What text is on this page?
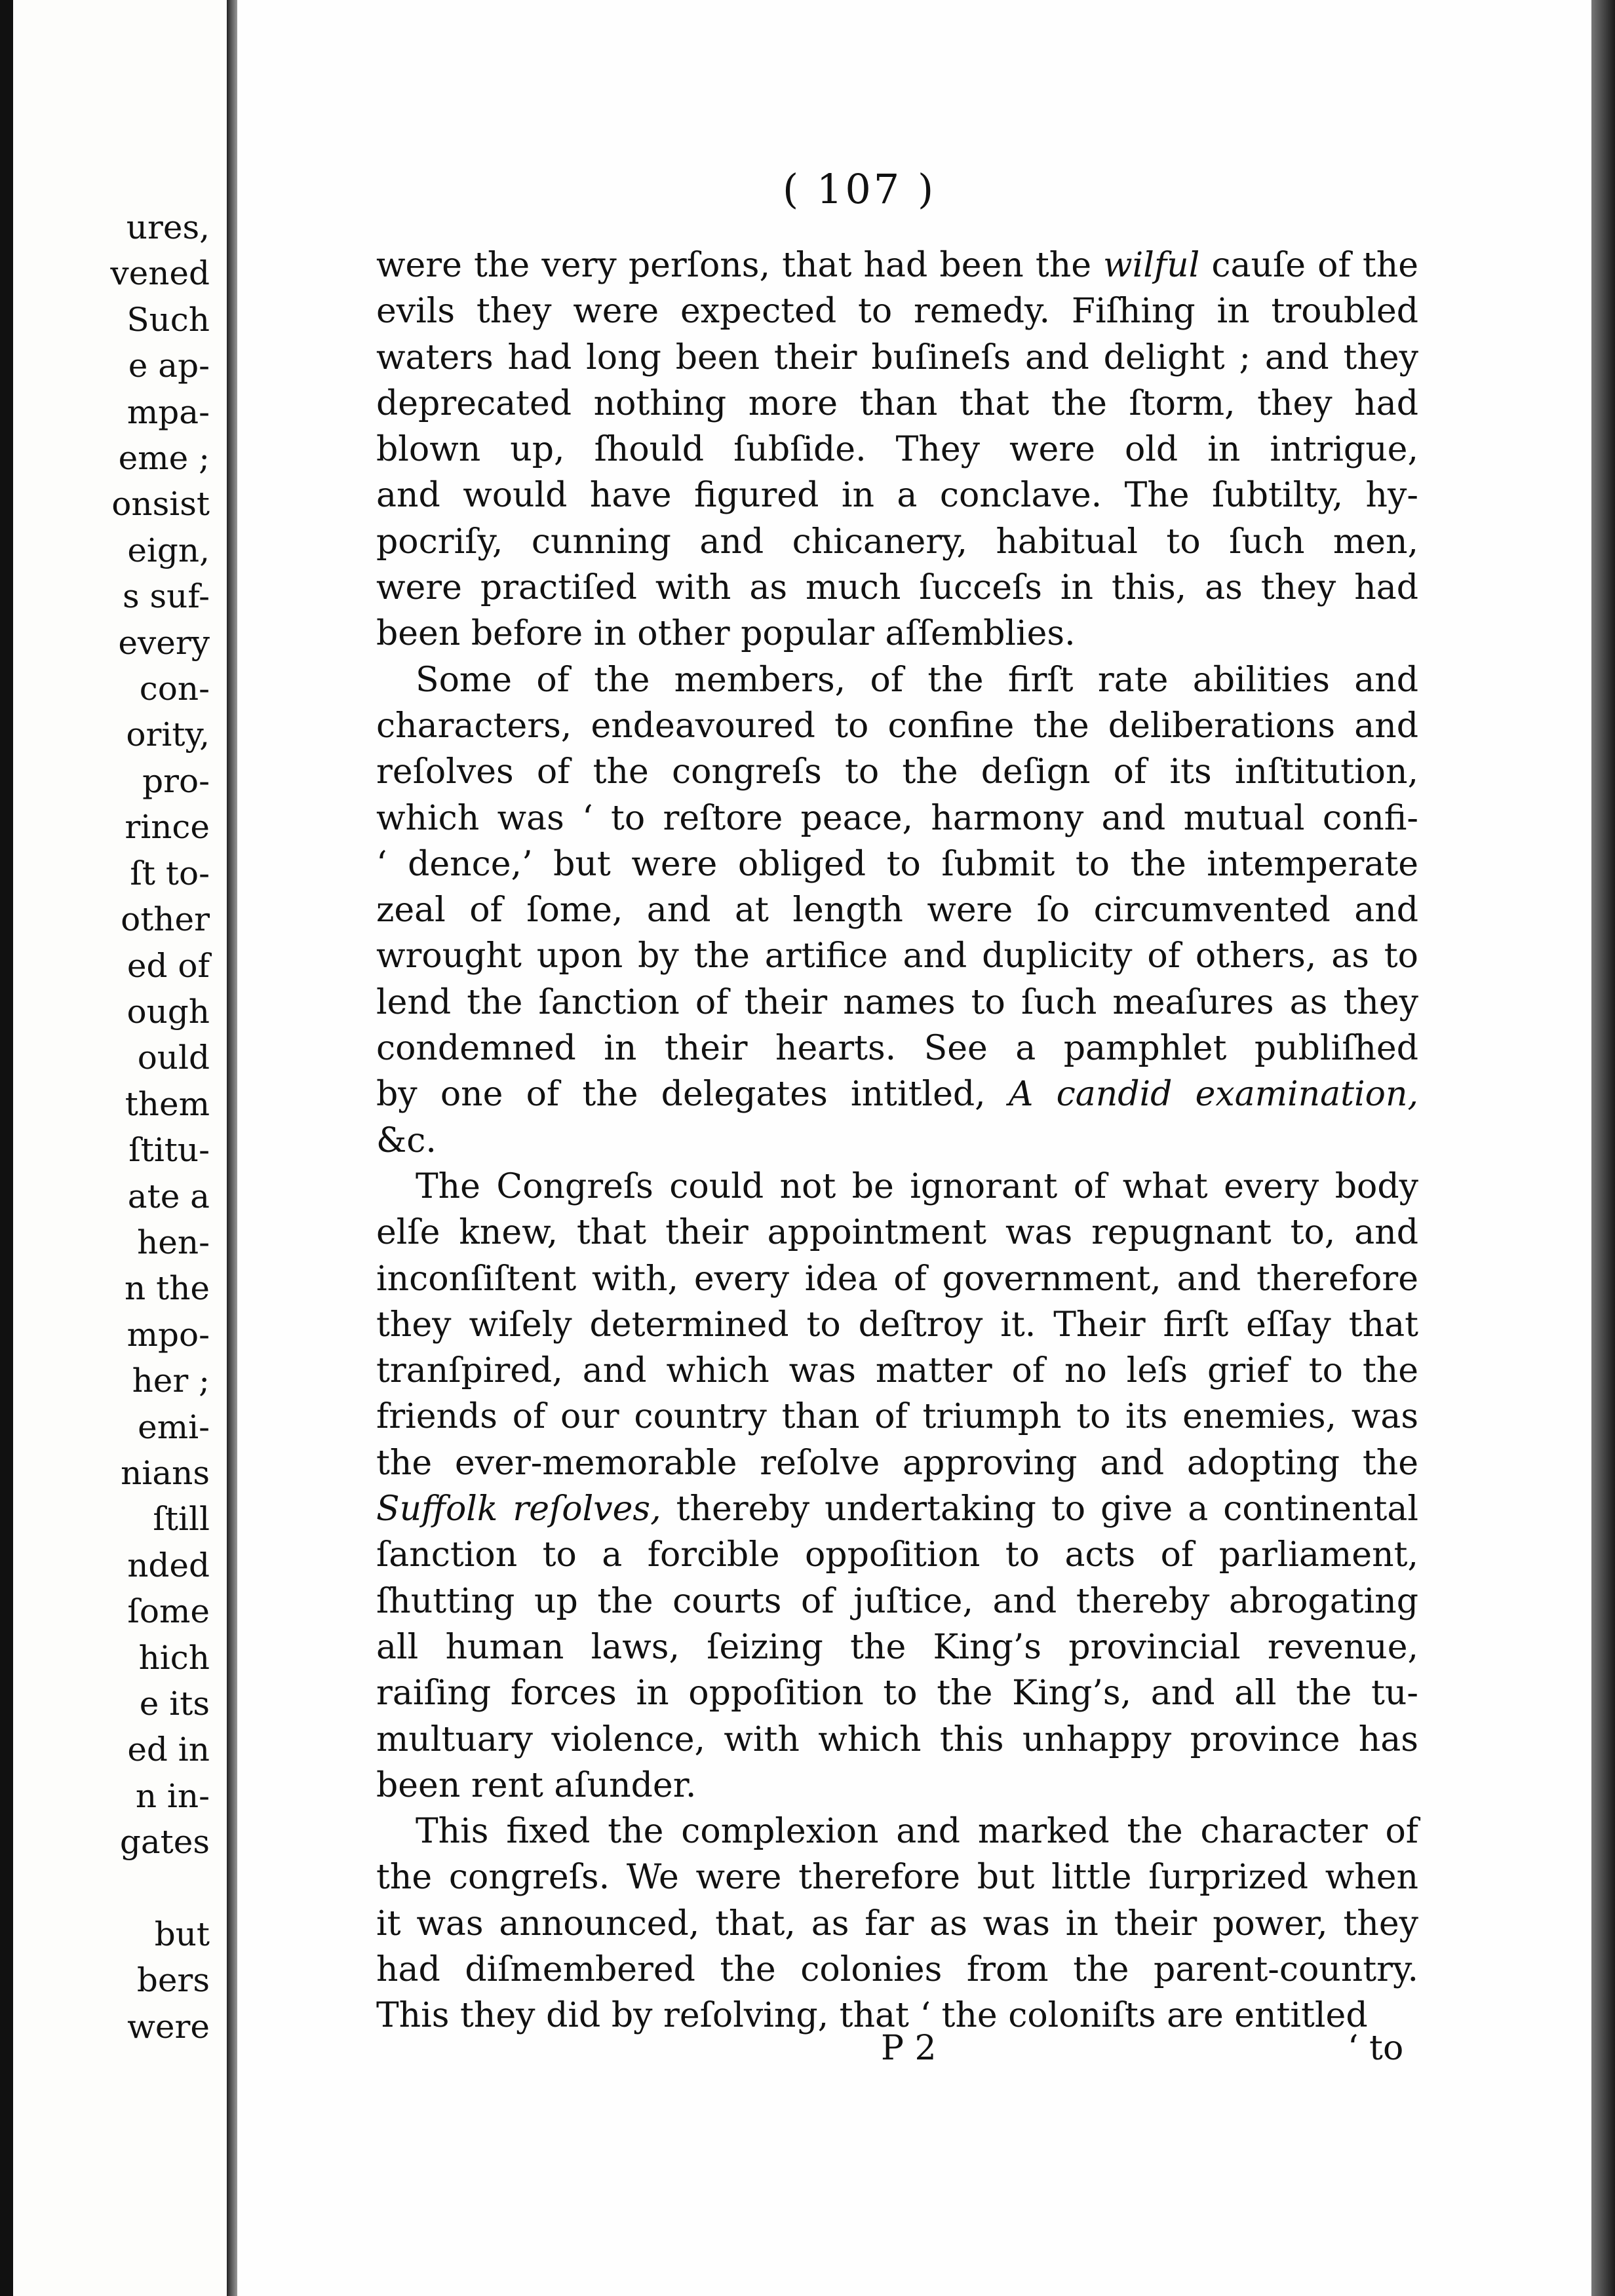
ures,
vened
Such
e ap-
mpa-
eme ;
onsist
eign,
s suf-
every
con-
ority,
pro-
rince
ſt to-
other
ed of
ough
ould
them
ſtitu-
ate a
hen-
n the
mpo-
her ;
emi-
nians
ſtill
nded
ſome
hich
e its
ed in
n in-
gates

but
bers
were
( 107 )
were the very perſons, that had been the wilful cauſe of the
evils they were expected to remedy. Fiſhing in troubled
waters had long been their buſineſs and delight ; and they
deprecated nothing more than that the ſtorm, they had
blown up, ſhould ſubſide. They were old in intrigue,
and would have figured in a conclave. The ſubtilty, hy-
pocriſy, cunning and chicanery, habitual to ſuch men,
were practiſed with as much ſucceſs in this, as they had
been before in other popular aſſemblies.
Some of the members, of the firſt rate abilities and
characters, endeavoured to confine the deliberations and
reſolves of the congreſs to the deſign of its inſtitution,
which was ‘ to reſtore peace, harmony and mutual confi-
‘ dence,’ but were obliged to ſubmit to the intemperate
zeal of ſome, and at length were ſo circumvented and
wrought upon by the artifice and duplicity of others, as to
lend the ſanction of their names to ſuch meaſures as they
condemned in their hearts. See a pamphlet publiſhed
by one of the delegates intitled, A candid examination,
&c.
The Congreſs could not be ignorant of what every body
elſe knew, that their appointment was repugnant to, and
inconſiſtent with, every idea of government, and therefore
they wiſely determined to deſtroy it. Their firſt eſſay that
tranſpired, and which was matter of no leſs grief to the
friends of our country than of triumph to its enemies, was
the ever-memorable reſolve approving and adopting the
Suffolk reſolves, thereby undertaking to give a continental
ſanction to a forcible oppoſition to acts of parliament,
ſhutting up the courts of juſtice, and thereby abrogating
all human laws, ſeizing the King’s provincial revenue,
raiſing forces in oppoſition to the King’s, and all the tu-
multuary violence, with which this unhappy province has
been rent aſunder.
This fixed the complexion and marked the character of
the congreſs. We were therefore but little ſurprized when
it was announced, that, as far as was in their power, they
had diſmembered the colonies from the parent-country.
This they did by reſolving, that ‘ the coloniſts are entitled
P 2	‘ to
